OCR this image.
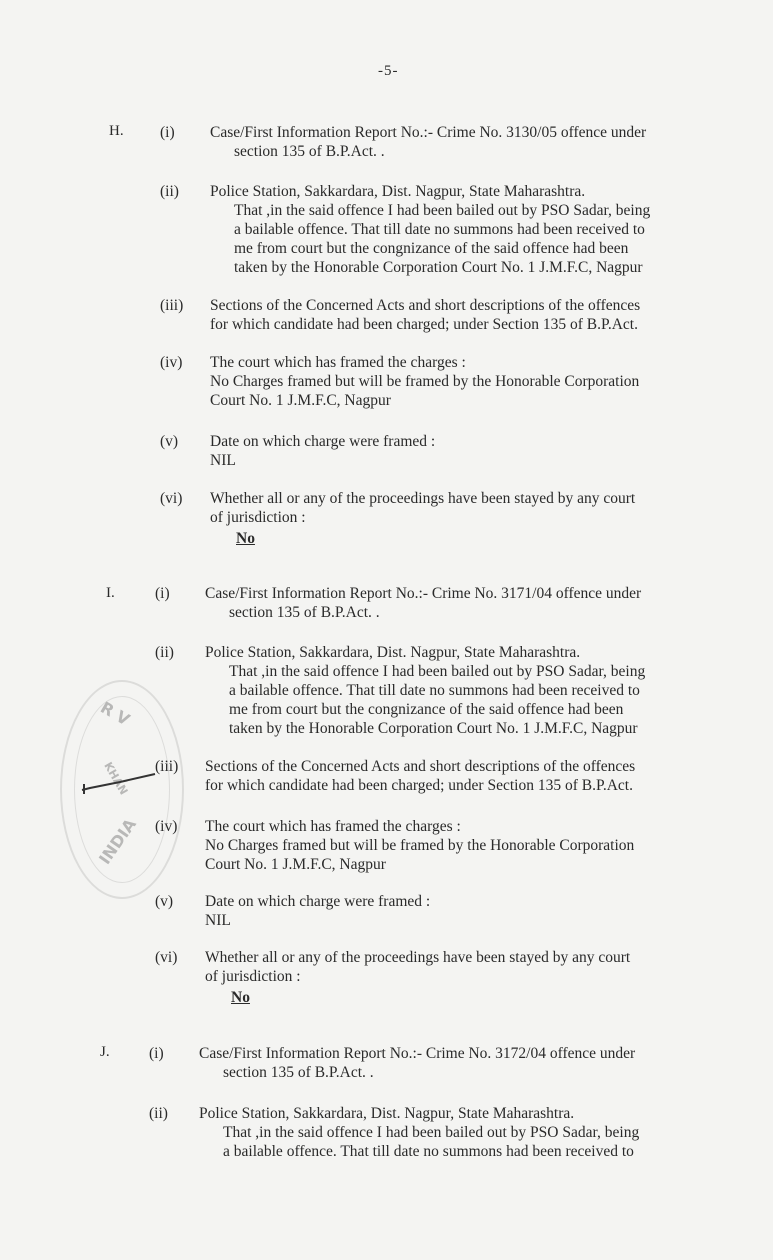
-5-
R V
KHAN
INDIA
H. (i) Case/First Information Report No.:- Crime No. 3130/05 offence under
section 135 of B.P.Act. .
(ii) Police Station, Sakkardara, Dist. Nagpur, State Maharashtra.
That ,in the said offence I had been bailed out by PSO Sadar, being
a bailable offence. That till date no summons had been received to
me from court but the congnizance of the said offence had been
taken by the Honorable Corporation Court No. 1 J.M.F.C, Nagpur
(iii) Sections of the Concerned Acts and short descriptions of the offences
for which candidate had been charged; under Section 135 of B.P.Act.
(iv) The court which has framed the charges :
No Charges framed but will be framed by the Honorable Corporation
Court No. 1 J.M.F.C, Nagpur
(v) Date on which charge were framed :
NIL
(vi) Whether all or any of the proceedings have been stayed by any court
of jurisdiction :
No
I.	(i) Case/First Information Report No.:- Crime No. 3171/04 offence under
section 135 of B.P.Act. .
(ii) Police Station, Sakkardara, Dist. Nagpur, State Maharashtra.
That ,in the said offence I had been bailed out by PSO Sadar, being
a bailable offence. That till date no summons had been received to
me from court but the congnizance of the said offence had been
taken by the Honorable Corporation Court No. 1 J.M.F.C, Nagpur
(iii) Sections of the Concerned Acts and short descriptions of the offences
for which candidate had been charged; under Section 135 of B.P.Act.
(iv) The court which has framed the charges :
No Charges framed but will be framed by the Honorable Corporation
Court No. 1 J.M.F.C, Nagpur
(v) Date on which charge were framed :
NIL
(vi) Whether all or any of the proceedings have been stayed by any court
of jurisdiction :
No
J.	(i) Case/First Information Report No.:- Crime No. 3172/04 offence under
section 135 of B.P.Act. .
(ii) Police Station, Sakkardara, Dist. Nagpur, State Maharashtra.
That ,in the said offence I had been bailed out by PSO Sadar, being
a bailable offence. That till date no summons had been received to
